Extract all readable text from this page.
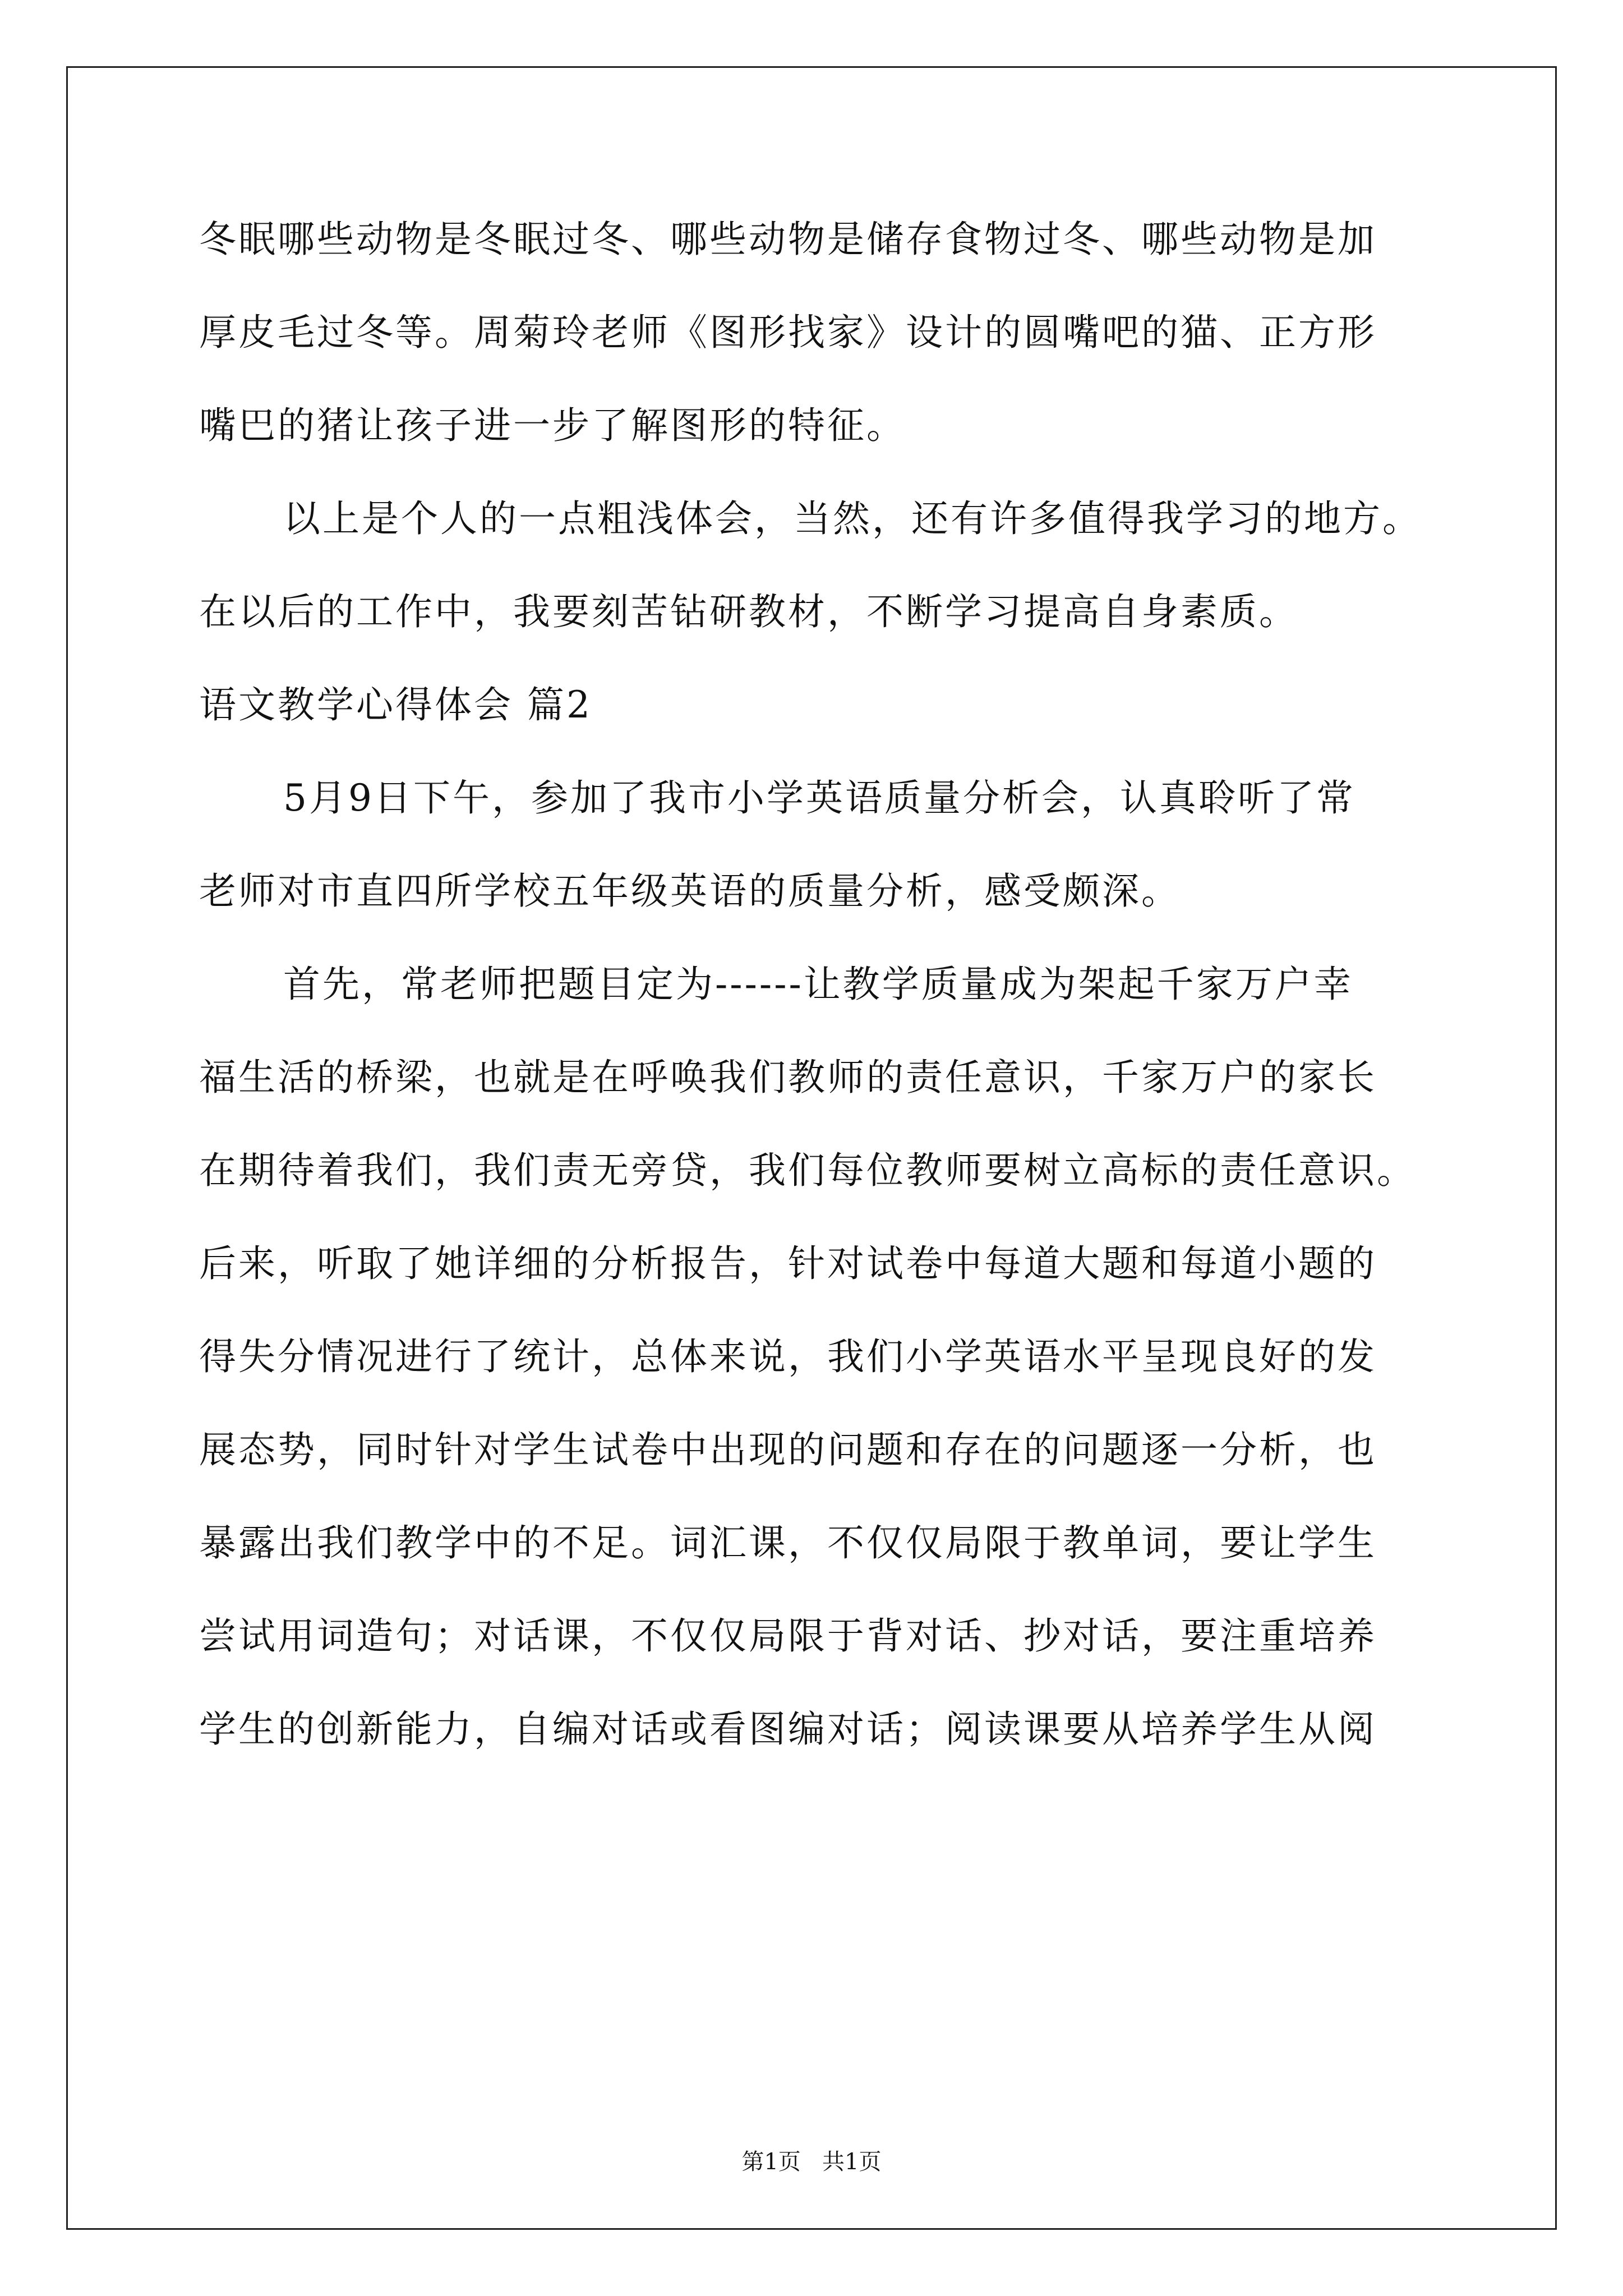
冬眠哪些动物是冬眠过冬、哪些动物是储存食物过冬、哪些动物是加
厚皮毛过冬等。周菊玲老师《图形找家》设计的圆嘴吧的猫、正方形
嘴巴的猪让孩子进一步了解图形的特征。
以上是个人的一点粗浅体会，当然，还有许多值得我学习的地方。
在以后的工作中，我要刻苦钻研教材，不断学习提高自身素质。
语文教学心得体会 篇2
5月9日下午，参加了我市小学英语质量分析会，认真聆听了常
老师对市直四所学校五年级英语的质量分析，感受颇深。
首先，常老师把题目定为------让教学质量成为架起千家万户幸
福生活的桥梁，也就是在呼唤我们教师的责任意识，千家万户的家长
在期待着我们，我们责无旁贷，我们每位教师要树立高标的责任意识。
后来，听取了她详细的分析报告，针对试卷中每道大题和每道小题的
得失分情况进行了统计，总体来说，我们小学英语水平呈现良好的发
展态势，同时针对学生试卷中出现的问题和存在的问题逐一分析，也
暴露出我们教学中的不足。词汇课，不仅仅局限于教单词，要让学生
尝试用词造句；对话课，不仅仅局限于背对话、抄对话，要注重培养
学生的创新能力，自编对话或看图编对话；阅读课要从培养学生从阅
第1页   共1页
